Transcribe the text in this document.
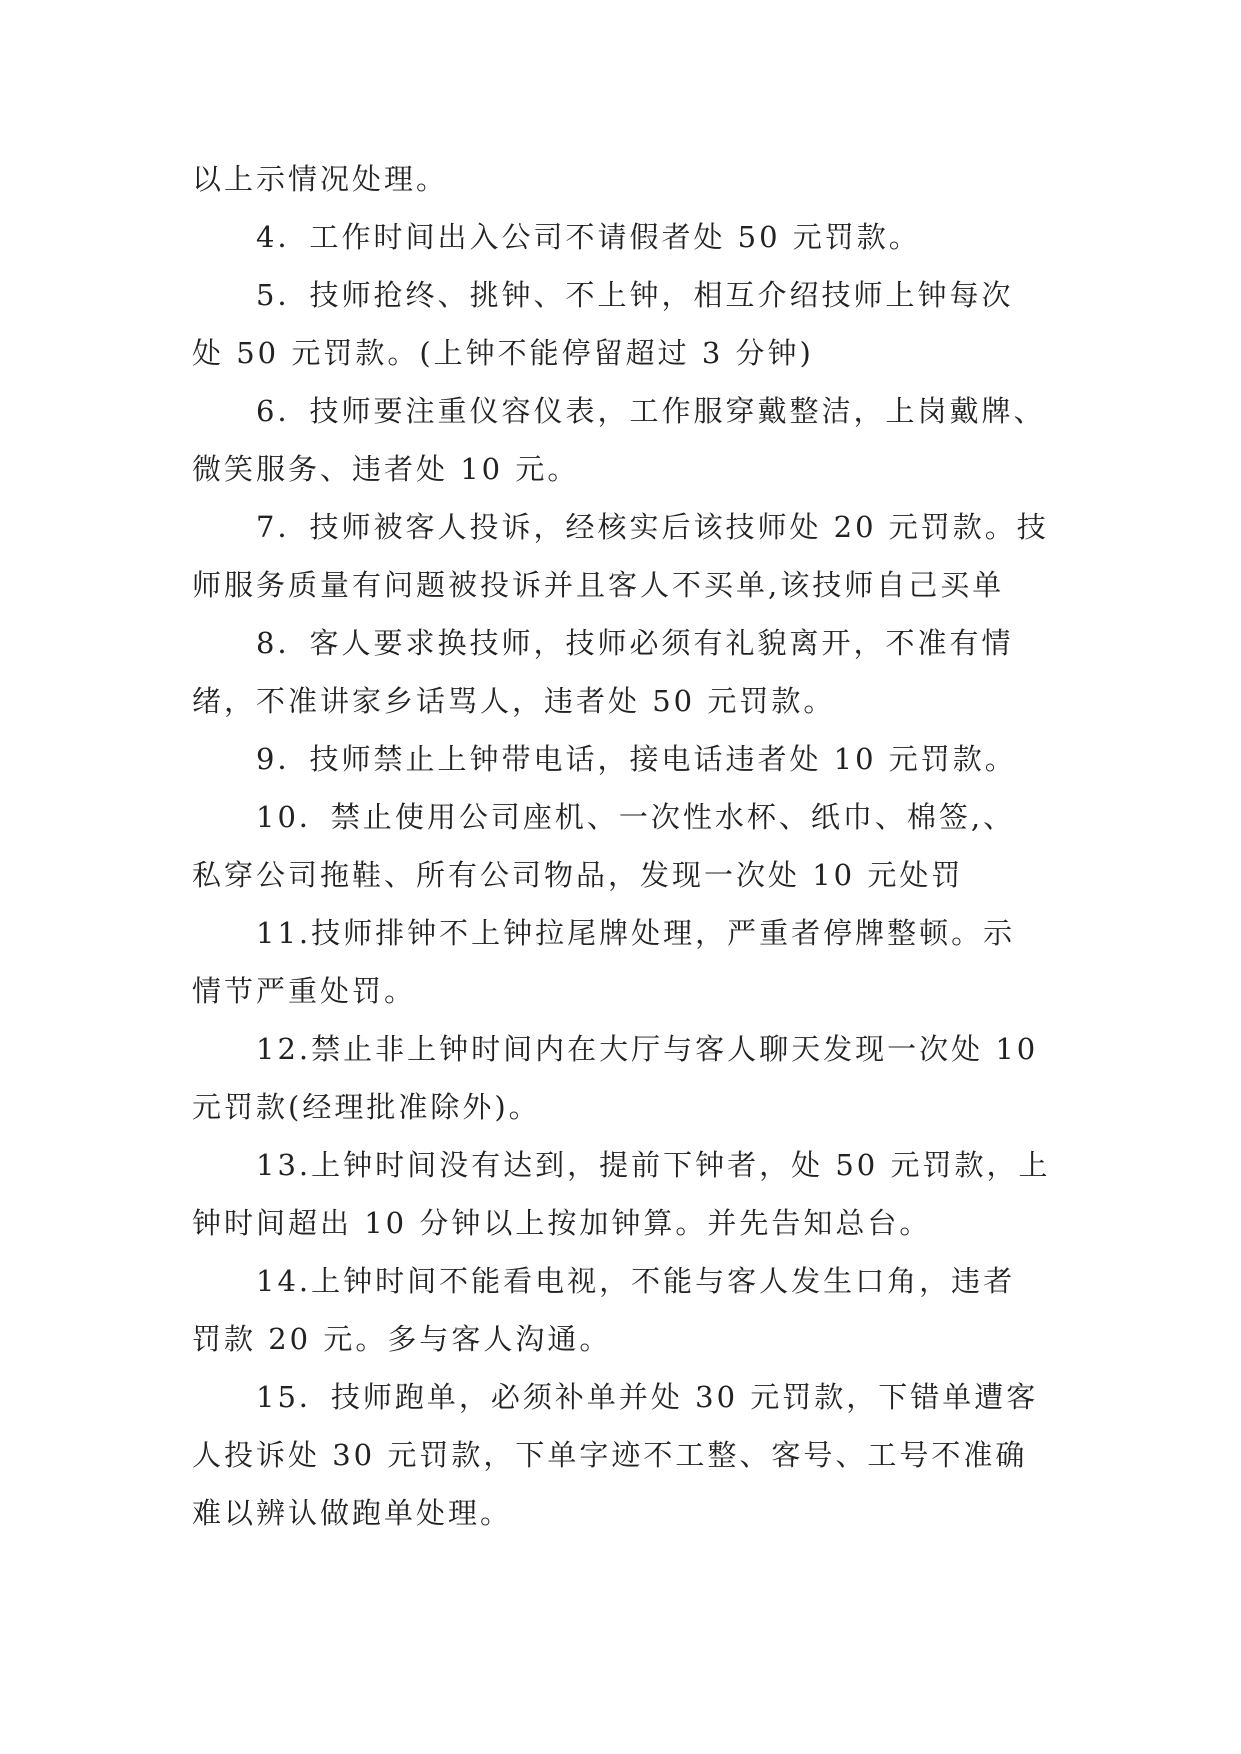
以上示情况处理。
4．工作时间出入公司不请假者处 50 元罚款。
5．技师抢终、挑钟、不上钟，相互介绍技师上钟每次
处 50 元罚款。(上钟不能停留超过 3 分钟)
6．技师要注重仪容仪表，工作服穿戴整洁，上岗戴牌、
微笑服务、违者处 10 元。
7．技师被客人投诉，经核实后该技师处 20 元罚款。技
师服务质量有问题被投诉并且客人不买单,该技师自己买单
8．客人要求换技师，技师必须有礼貌离开，不准有情
绪，不准讲家乡话骂人，违者处 50 元罚款。
9．技师禁止上钟带电话，接电话违者处 10 元罚款。
10．禁止使用公司座机、一次性水杯、纸巾、棉签,、
私穿公司拖鞋、所有公司物品，发现一次处 10 元处罚
11.技师排钟不上钟拉尾牌处理，严重者停牌整顿。示
情节严重处罚。
12.禁止非上钟时间内在大厅与客人聊天发现一次处 10
元罚款(经理批准除外)。
13.上钟时间没有达到，提前下钟者，处 50 元罚款，上
钟时间超出 10 分钟以上按加钟算。并先告知总台。
14.上钟时间不能看电视，不能与客人发生口角，违者
罚款 20 元。多与客人沟通。
15．技师跑单，必须补单并处 30 元罚款，下错单遭客
人投诉处 30 元罚款，下单字迹不工整、客号、工号不准确
难以辨认做跑单处理。
